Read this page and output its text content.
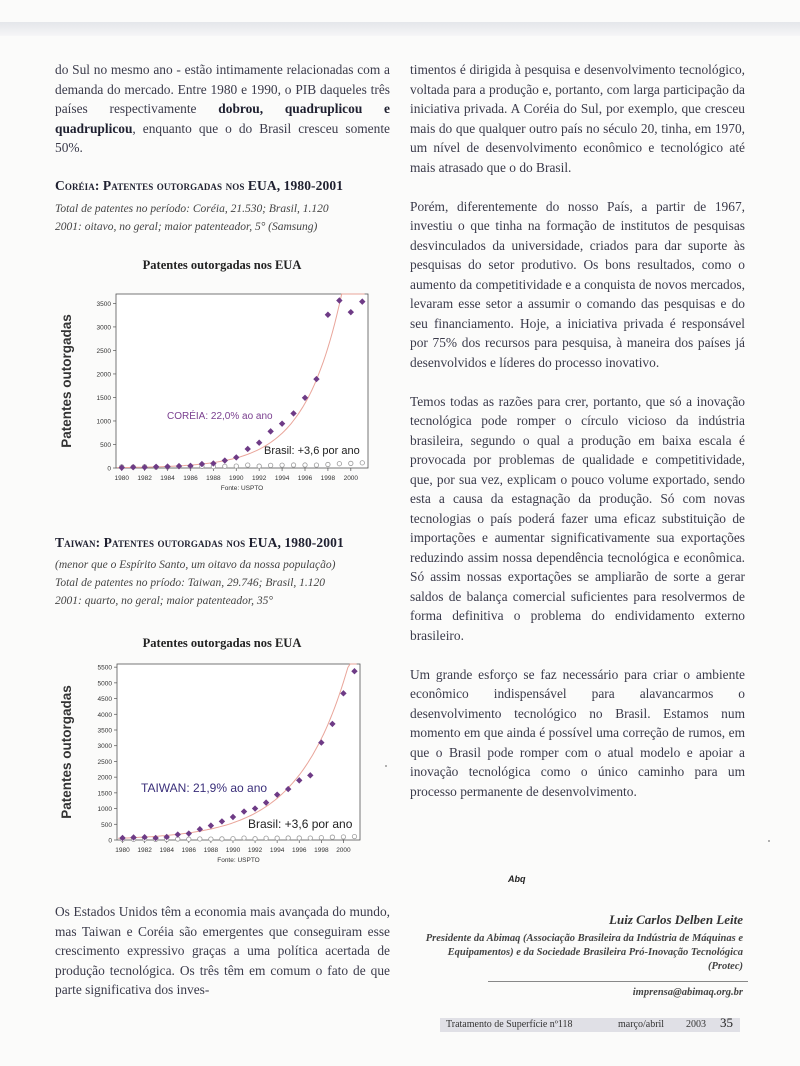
do Sul no mesmo ano - estão intimamente relacionadas com a demanda do mercado. Entre 1980 e 1990, o PIB daqueles três países respectivamente dobrou, quadruplicou e quadruplicou, enquanto que o do Brasil cresceu somente 50%.

Coréia: Patentes outorgadas nos EUA, 1980-2001
Total de patentes no período: Coréia, 21.530; Brasil, 1.120
2001: oitavo, no geral; maior patenteador, 5° (Samsung)
Patentes outorgadas nos EUA
Patentes outorgadas
0
500
1000
1500
2000
2500
3000
3500
1980 1982 1984 1986 1988 1990 1992 1994 1996 1998 2000
Fonte: USPTO
CORÉIA: 22,0% ao ano
Brasil: +3,6 por ano
Taiwan: Patentes outorgadas nos EUA, 1980-2001
(menor que o Espírito Santo, um oitavo da nossa população)
Total de patentes no príodo: Taiwan, 29.746; Brasil, 1.120
2001: quarto, no geral; maior patenteador, 35°
Patentes outorgadas nos EUA
Patentes outorgadas
0
500
1000
1500
2000
2500
3000
3500
4000
4500
5000
5500
1980 1982 1984 1986 1988 1990 1992 1994 1996 1998 2000
Fonte: USPTO
TAIWAN: 21,9% ao ano
Brasil: +3,6 por ano

Os Estados Unidos têm a economia mais avançada do mundo, mas Taiwan e Coréia são emergentes que conseguiram esse crescimento expressivo graças a uma política acertada de produção tecnológica. Os três têm em comum o fato de que parte significativa dos inves-

timentos é dirigida à pesquisa e desenvolvimento tecnológico, voltada para a produção e, portanto, com larga participação da iniciativa privada. A Coréia do Sul, por exemplo, que cresceu mais do que qualquer outro país no século 20, tinha, em 1970, um nível de desenvolvimento econômico e tecnológico até mais atrasado que o do Brasil.

Porém, diferentemente do nosso País, a partir de 1967, investiu o que tinha na formação de institutos de pesquisas desvinculados da universidade, criados para dar suporte às pesquisas do setor produtivo. Os bons resultados, como o aumento da competitividade e a conquista de novos mercados, levaram esse setor a assumir o comando das pesquisas e do seu financiamento. Hoje, a iniciativa privada é responsável por 75% dos recursos para pesquisa, à maneira dos países já desenvolvidos e líderes do processo inovativo.

Temos todas as razões para crer, portanto, que só a inovação tecnológica pode romper o círculo vicioso da indústria brasileira, segundo o qual a produção em baixa escala é provocada por problemas de qualidade e competitividade, que, por sua vez, explicam o pouco volume exportado, sendo esta a causa da estagnação da produção. Só com novas tecnologias o país poderá fazer uma eficaz substituição de importações e aumentar significativamente sua exportações reduzindo assim nossa dependência tecnológica e econômica. Só assim nossas exportações se ampliarão de sorte a gerar saldos de balança comercial suficientes para resolvermos de forma definitiva o problema do endividamento externo brasileiro.

Um grande esforço se faz necessário para criar o ambiente econômico indispensável para alavancarmos o desenvolvimento tecnológico no Brasil. Estamos num momento em que ainda é possível uma correção de rumos, em que o Brasil pode romper com o atual modelo e apoiar a inovação tecnológica como o único caminho para um processo permanente de desenvolvimento.

Abq
Luiz Carlos Delben Leite
Presidente da Abimaq (Associação Brasileira da Indústria de Máquinas e Equipamentos) e da Sociedade Brasileira Pró-Inovação Tecnológica (Protec)
imprensa@abimaq.org.br
Tratamento de Superfície nº118	março/abril 2003 35
